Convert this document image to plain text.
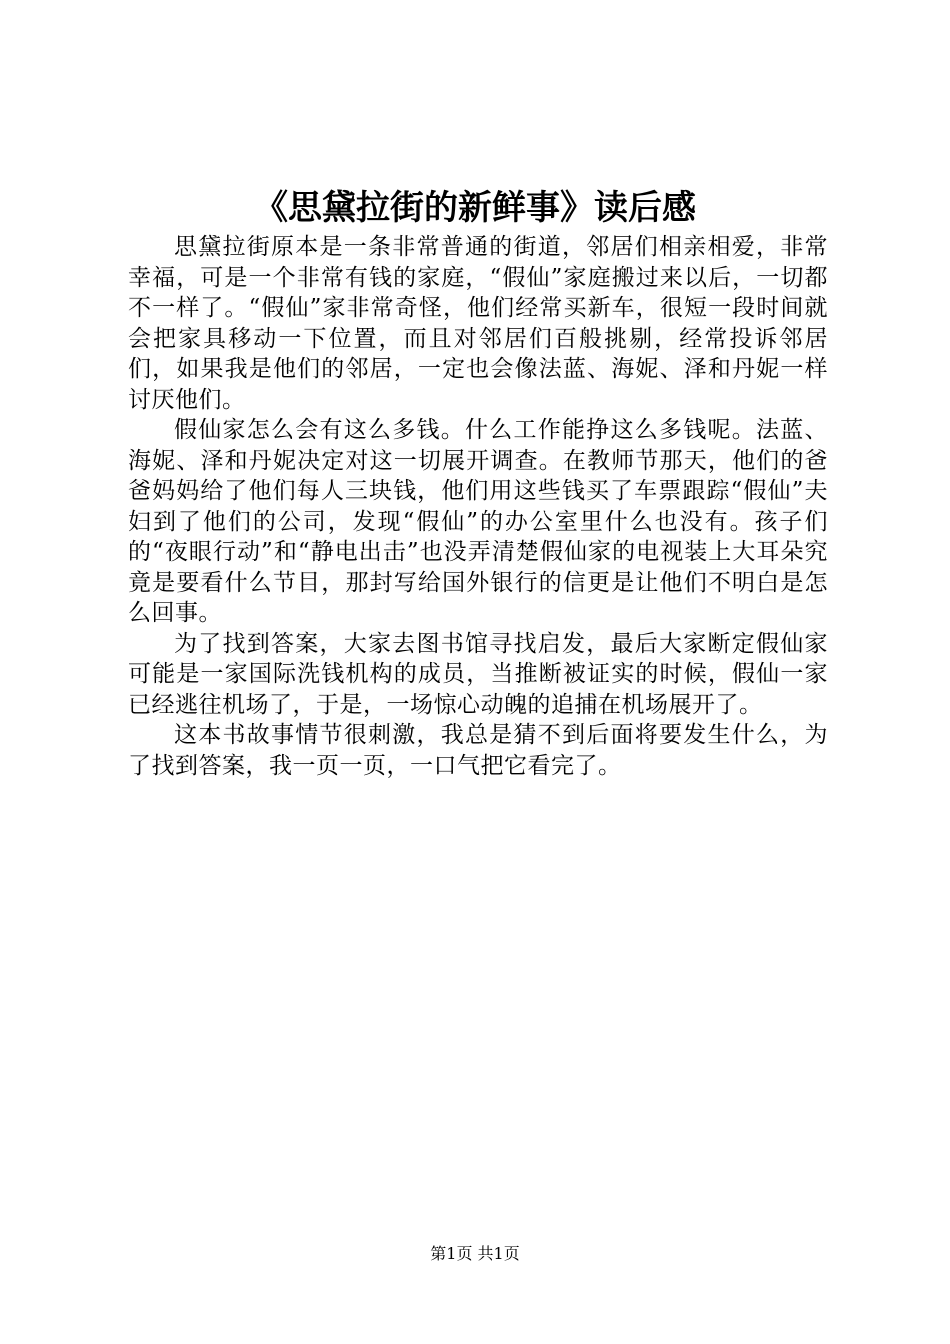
《思黛拉街的新鲜事》读后感

思黛拉街原本是一条非常普通的街道，邻居们相亲相爱，非常幸福，可是一个非常有钱的家庭，“假仙”家庭搬过来以后，一切都不一样了。“假仙”家非常奇怪，他们经常买新车，很短一段时间就会把家具移动一下位置，而且对邻居们百般挑剔，经常投诉邻居们，如果我是他们的邻居，一定也会像法蓝、海妮、泽和丹妮一样讨厌他们。

假仙家怎么会有这么多钱。什么工作能挣这么多钱呢。法蓝、海妮、泽和丹妮决定对这一切展开调查。在教师节那天，他们的爸爸妈妈给了他们每人三块钱，他们用这些钱买了车票跟踪“假仙”夫妇到了他们的公司，发现“假仙”的办公室里什么也没有。孩子们的“夜眼行动”和“静电出击”也没弄清楚假仙家的电视装上大耳朵究竟是要看什么节目，那封写给国外银行的信更是让他们不明白是怎么回事。

为了找到答案，大家去图书馆寻找启发，最后大家断定假仙家可能是一家国际洗钱机构的成员，当推断被证实的时候，假仙一家已经逃往机场了，于是，一场惊心动魄的追捕在机场展开了。

这本书故事情节很刺激，我总是猜不到后面将要发生什么，为了找到答案，我一页一页，一口气把它看完了。

第1页 共1页
